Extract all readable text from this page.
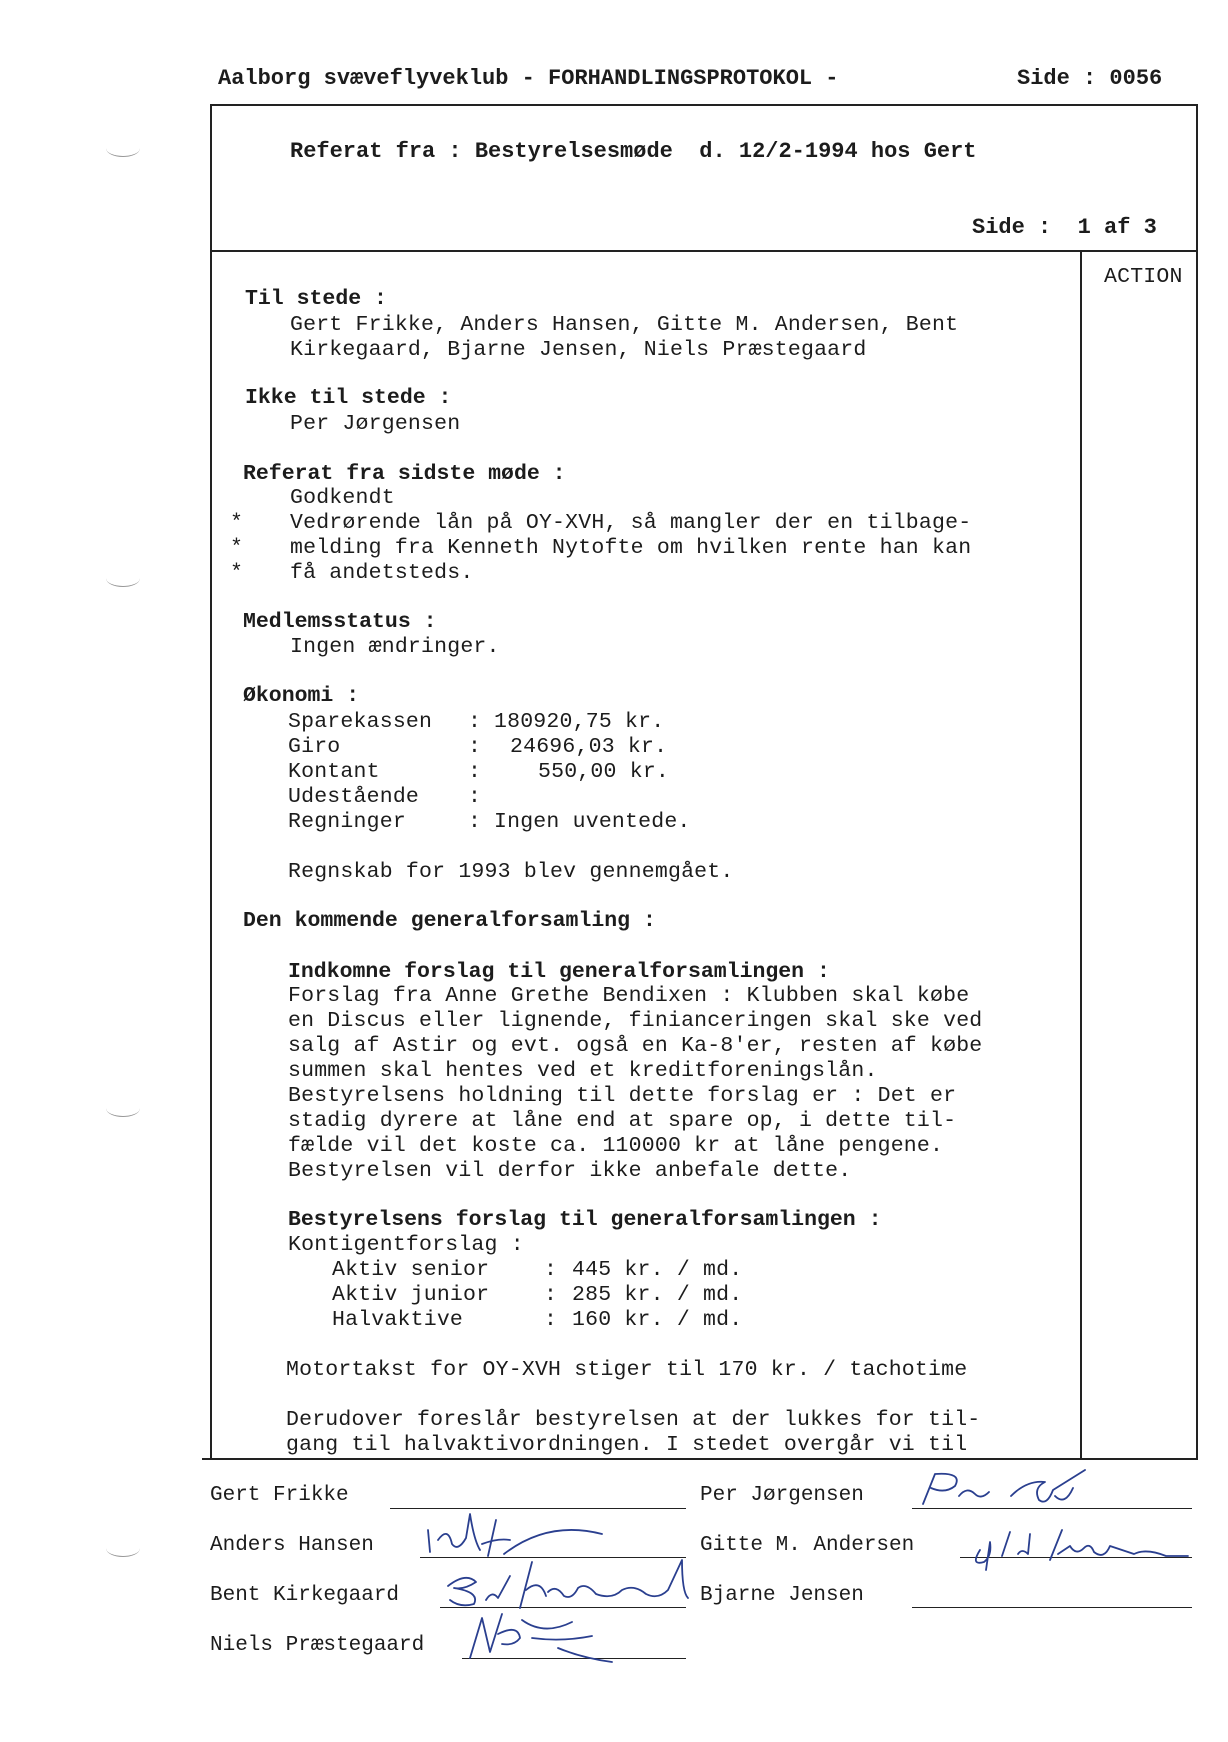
Aalborg svæveflyveklub - FORHANDLINGSPROTOKOL -	Side : 0056
Referat fra : Bestyrelsesmøde  d. 12/2-1994 hos Gert
Side :  1 af 3
ACTION
Til stede :
Gert Frikke, Anders Hansen, Gitte M. Andersen, Bent
Kirkegaard, Bjarne Jensen, Niels Præstegaard
Ikke til stede :
Per Jørgensen
Referat fra sidste møde :
Godkendt
* Vedrørende lån på OY-XVH, så mangler der en tilbage-
* melding fra Kenneth Nytofte om hvilken rente han kan
* få andetsteds.
Medlemsstatus :
Ingen ændringer.
Økonomi :
Sparekassen : 180920,75 kr.
Giro	: 24696,03 kr.
Kontant	:	550,00 kr.
Udestående :
Regninger	: Ingen uventede.
Regnskab for 1993 blev gennemgået.
Den kommende generalforsamling :
Indkomne forslag til generalforsamlingen :
Forslag fra Anne Grethe Bendixen : Klubben skal købe
en Discus eller lignende, finianceringen skal ske ved
salg af Astir og evt. også en Ka-8'er, resten af købe
summen skal hentes ved et kreditforeningslån.
Bestyrelsens holdning til dette forslag er : Det er
stadig dyrere at låne end at spare op, i dette til-
fælde vil det koste ca. 110000 kr at låne pengene.
Bestyrelsen vil derfor ikke anbefale dette.
Bestyrelsens forslag til generalforsamlingen :
Kontigentforslag :
Aktiv senior	: 445 kr. / md.
Aktiv junior	: 285 kr. / md.
Halvaktive	: 160 kr. / md.
Motortakst for OY-XVH stiger til 170 kr. / tachotime
Derudover foreslår bestyrelsen at der lukkes for til-
gang til halvaktivordningen. I stedet overgår vi til
Gert Frikke	Per Jørgensen
Anders Hansen	Gitte M. Andersen
Bent Kirkegaard	Bjarne Jensen
Niels Præstegaard
